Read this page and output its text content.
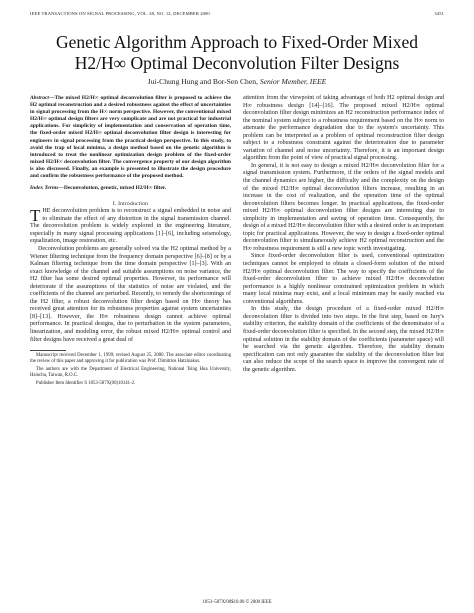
IEEE TRANSACTIONS ON SIGNAL PROCESSING, VOL. 48, NO. 12, DECEMBER 2000	3451
Genetic Algorithm Approach to Fixed-Order Mixed
H2/H∞ Optimal Deconvolution Filter Designs
Jui-Chung Hung and Bor-Sen Chen, Senior Member, IEEE
Abstract—The mixed H2/H∞ optimal deconvolution filter is proposed to achieve the H2 optimal reconstruction and a desired robustness against the effect of uncertainties in signal processing from the H∞ norm perspective. However, the conventional mixed H2/H∞ optimal design filters are very complicate and are not practical for industrial applications. For simplicity of implementation and conservation of operation time, the fixed-order mixed H2/H∞ optimal deconvolution filter design is interesting for engineers in signal processing from the practical design perspective. In this study, to avoid the trap of local minima, a design method based on the genetic algorithm is introduced to treat the nonlinear optimization design problem of the fixed-order mixed H2/H∞ deconvolution filter. The convergence property of our design algorithm is also discussed. Finally, an example is presented to illustrate the design procedure and confirm the robustness performance of the proposed method.
Index Terms—Deconvolution, genetic, mixed H2/H∞ filter.
I. Introduction

THE deconvolution problem is to reconstruct a signal embedded in noise and to eliminate the effect of any distortion in the signal transmission channel. The deconvolution problem is widely explored in the engineering literature, especially in many signal processing applications [1]–[6], including seismology, equalization, image restoration, etc.

Deconvolution problems are generally solved via the H2 optimal method by a Wiener filtering technique from the frequency domain perspective [6]–[8] or by a Kalman filtering technique from the time domain perspective [1]–[3]. With an exact knowledge of the channel and suitable assumptions on noise variance, the H2 filter has some desired optimal properties. However, its performance will deteriorate if the assumptions of the statistics of noise are violated, and the coefficients of the channel are perturbed. Recently, to remedy the shortcomings of the H2 filter, a robust deconvolution filter design based on H∞ theory has received great attention for its robustness properties against system uncertainties [8]–[13]. However, the H∞ robustness design cannot achieve optimal performance. In practical designs, due to perturbation in the system parameters, linearization, and modeling error, the robust mixed H2/H∞ optimal control and filter designs have received a great deal of

Manuscript received December 1, 1999; revised August 25, 2000. The associate editor coordinating the review of this paper and approving it for publication was Prof. Dimitrios Hatzinakos.
The authors are with the Department of Electrical Engineering, National Tsing Hua University, Hsinchu, Taiwan, R.O.C.
Publisher Item Identifier S 1053-587X(00)10141-2.

attention from the viewpoint of taking advantage of both H2 optimal design and H∞ robustness design [14]–[16]. The proposed mixed H2/H∞ optimal deconvolution filter design minimizes an H2 reconstruction performance index of the nominal system subject to a robustness requirement based on the H∞ norm to attenuate the performance degradation due to the system's uncertainty. This problem can be interpreted as a problem of optimal reconstruction filter design subject to a robustness constraint against the deterioration due to parameter variation of channel and noise uncertainty. Therefore, it is an important design algorithm from the point of view of practical signal processing.

In general, it is not easy to design a mixed H2/H∞ deconvolution filter for a signal transmission system. Furthermore, if the orders of the signal models and the channel dynamics are higher, the difficulty and the complexity on the design of the mixed H2/H∞ optimal deconvolution filters increase, resulting in an increase in the cost of realization, and the operation time of the optimal deconvolution filters becomes longer. In practical applications, the fixed-order mixed H2/H∞ optimal deconvolution filter designs are interesting due to simplicity in implementation and saving of operation time. Consequently, the design of a mixed H2/H∞ deconvolution filter with a desired order is an important topic for practical applications. However, the way to design a fixed-order optimal deconvolution filter to simultaneously achieve H2 optimal reconstruction and the H∞ robustness requirement is still a new topic worth investigating.

Since fixed-order deconvolution filter is used, conventional optimization techniques cannot be employed to obtain a closed-form solution of the mixed H2/H∞ optimal deconvolution filter. The way to specify the coefficients of the fixed-order deconvolution filter to achieve mixed H2/H∞ deconvolution performance is a highly nonlinear constrained optimization problem in which many local minima may exist, and a local minimum may be easily reached via conventional algorithms.

In this study, the design procedure of a fixed-order mixed H2/H∞ deconvolution filter is divided into two steps. In the first step, based on Jury's stability criterion, the stability domain of the coefficients of the denominator of a fixed-order deconvolution filter is specified. In the second step, the mixed H2/H∞ optimal solution in the stability domain of the coefficients (parameter space) will be searched via the genetic algorithm. Therefore, the stability domain specification can not only guarantee the stability of the deconvolution filter but can also reduce the scope of the search space to improve the convergent rate of the genetic algorithm.

1053–587X/00$10.00 © 2000 IEEE
